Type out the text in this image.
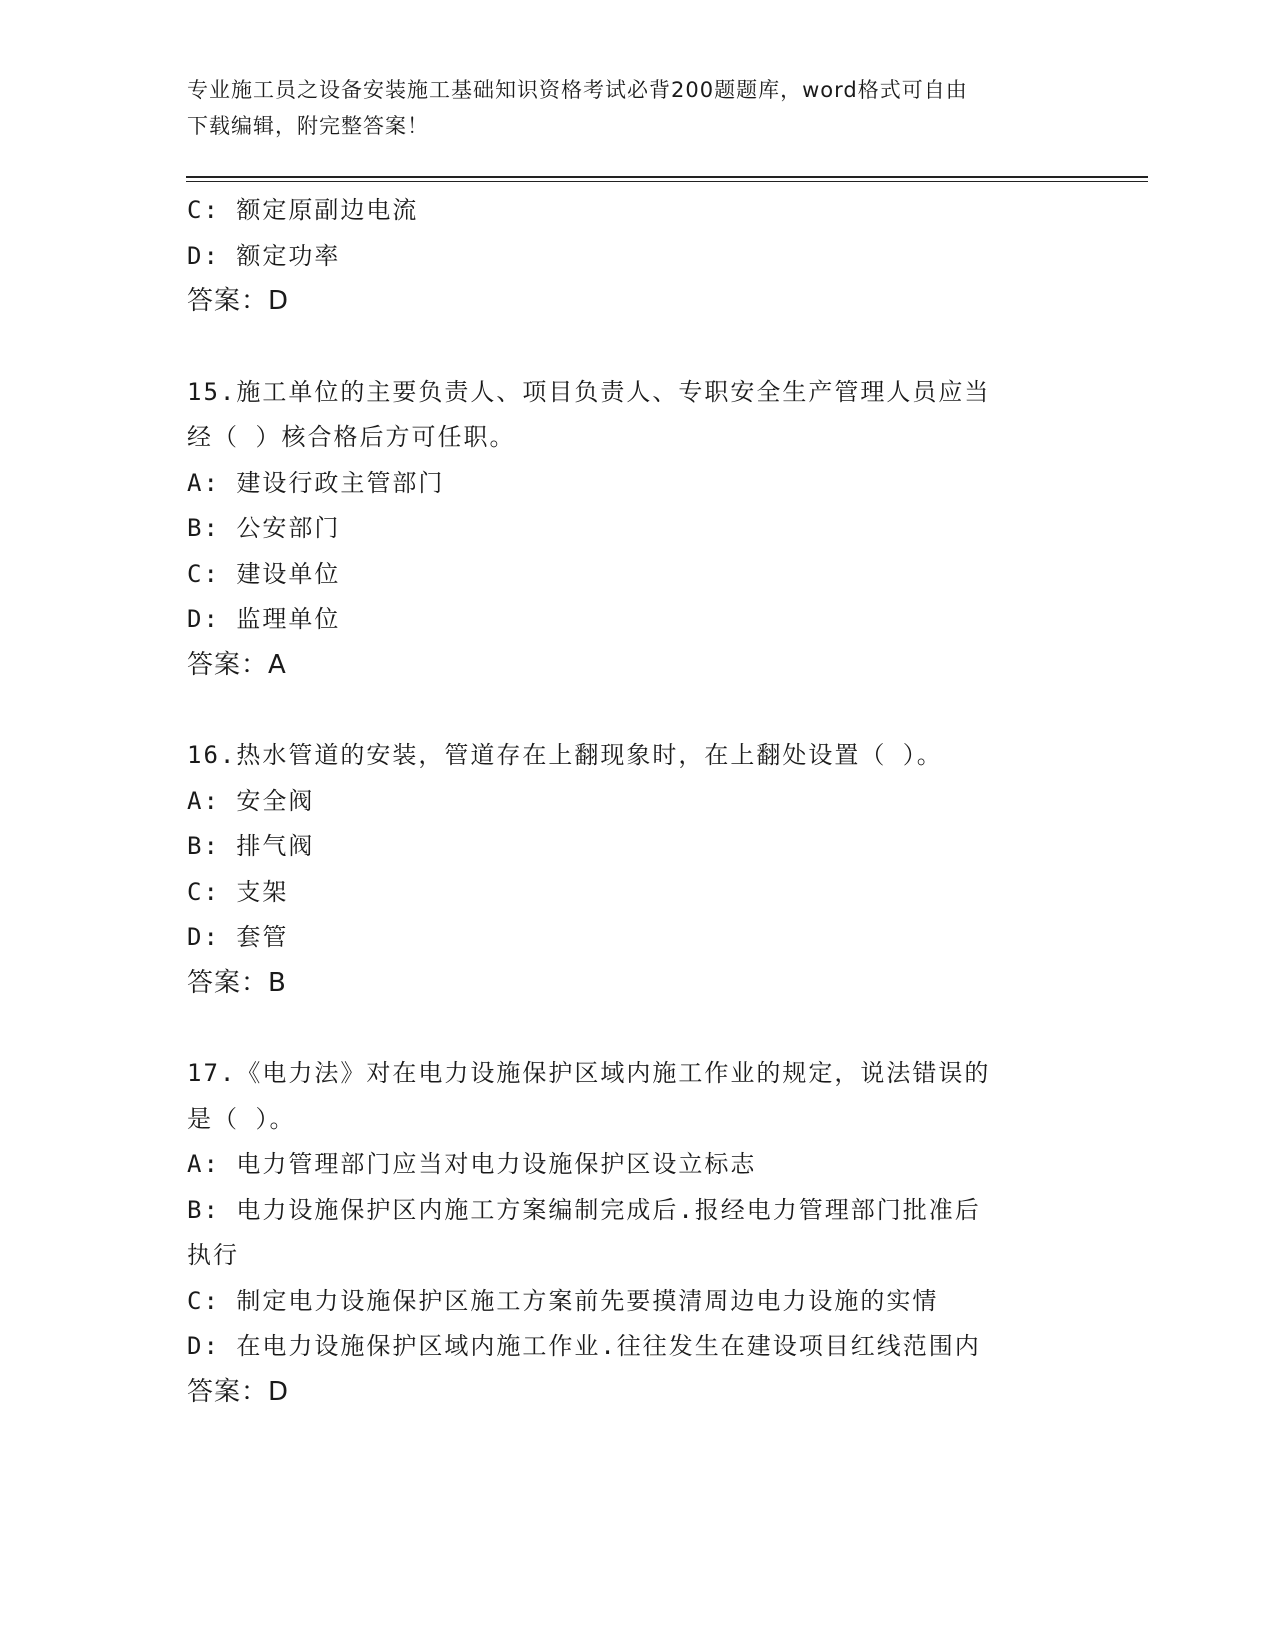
专业施工员之设备安装施工基础知识资格考试必背200题题库，word格式可自由
下载编辑，附完整答案！

C: 额定原副边电流

D: 额定功率

答案：D

15.施工单位的主要负责人、项目负责人、专职安全生产管理人员应当

经（ ）核合格后方可任职。

A: 建设行政主管部门

B: 公安部门

C: 建设单位

D: 监理单位

答案：A

16.热水管道的安装，管道存在上翻现象时，在上翻处设置（ ）。

A: 安全阀

B: 排气阀

C: 支架

D: 套管

答案：B

17.《电力法》对在电力设施保护区域内施工作业的规定，说法错误的

是（ ）。

A: 电力管理部门应当对电力设施保护区设立标志

B: 电力设施保护区内施工方案编制完成后.报经电力管理部门批准后

执行

C: 制定电力设施保护区施工方案前先要摸清周边电力设施的实情

D: 在电力设施保护区域内施工作业.往往发生在建设项目红线范围内

答案：D
